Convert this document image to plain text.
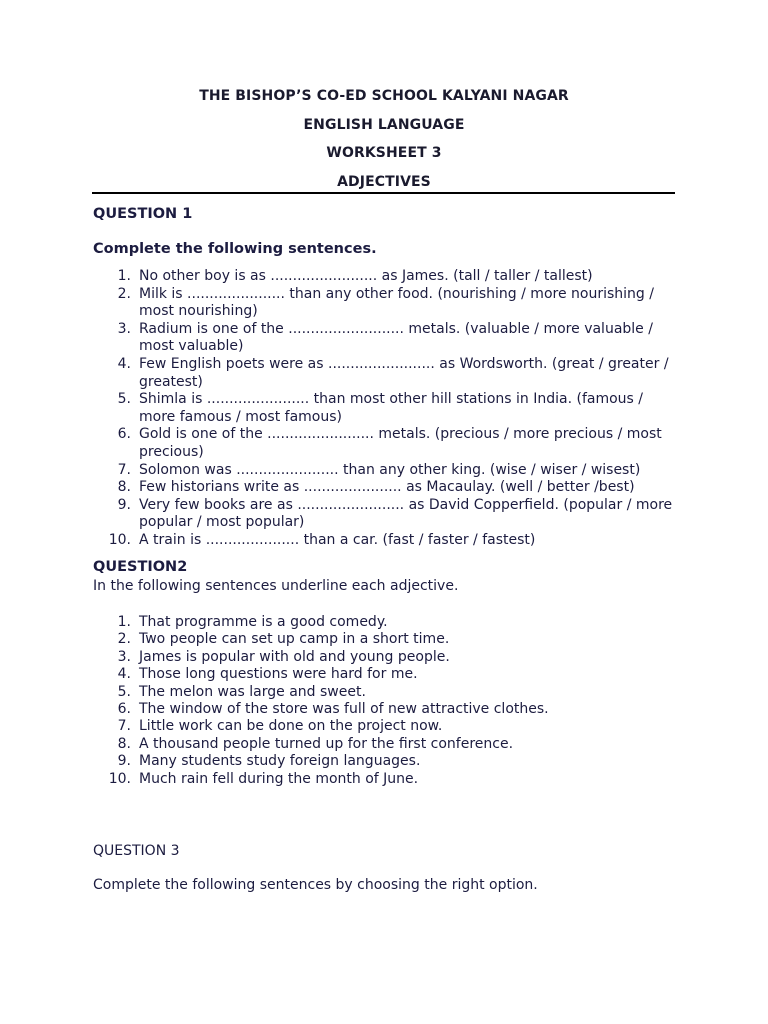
THE BISHOP’S CO-ED SCHOOL KALYANI NAGAR
ENGLISH LANGUAGE
WORKSHEET 3
ADJECTIVES
QUESTION 1
Complete the following sentences.
1. No other boy is as ........................ as James. (tall / taller / tallest)
2. Milk is ...................... than any other food. (nourishing / more nourishing / most nourishing)
3. Radium is one of the .......................... metals. (valuable / more valuable / most valuable)
4. Few English poets were as ........................ as Wordsworth. (great / greater / greatest)
5. Shimla is ....................... than most other hill stations in India. (famous / more famous / most famous)
6. Gold is one of the ........................ metals. (precious / more precious / most precious)
7. Solomon was ....................... than any other king. (wise / wiser / wisest)
8. Few historians write as ...................... as Macaulay. (well / better /best)
9. Very few books are as ........................ as David Copperfield. (popular / more popular / most popular)
10. A train is ..................... than a car. (fast / faster / fastest)
QUESTION2
In the following sentences underline each adjective.
1. That programme is a good comedy.
2. Two people can set up camp in a short time.
3. James is popular with old and young people.
4. Those long questions were hard for me.
5. The melon was large and sweet.
6. The window of the store was full of new attractive clothes.
7. Little work can be done on the project now.
8. A thousand people turned up for the first conference.
9. Many students study foreign languages.
10. Much rain fell during the month of June.
QUESTION 3
Complete the following sentences by choosing the right option.
